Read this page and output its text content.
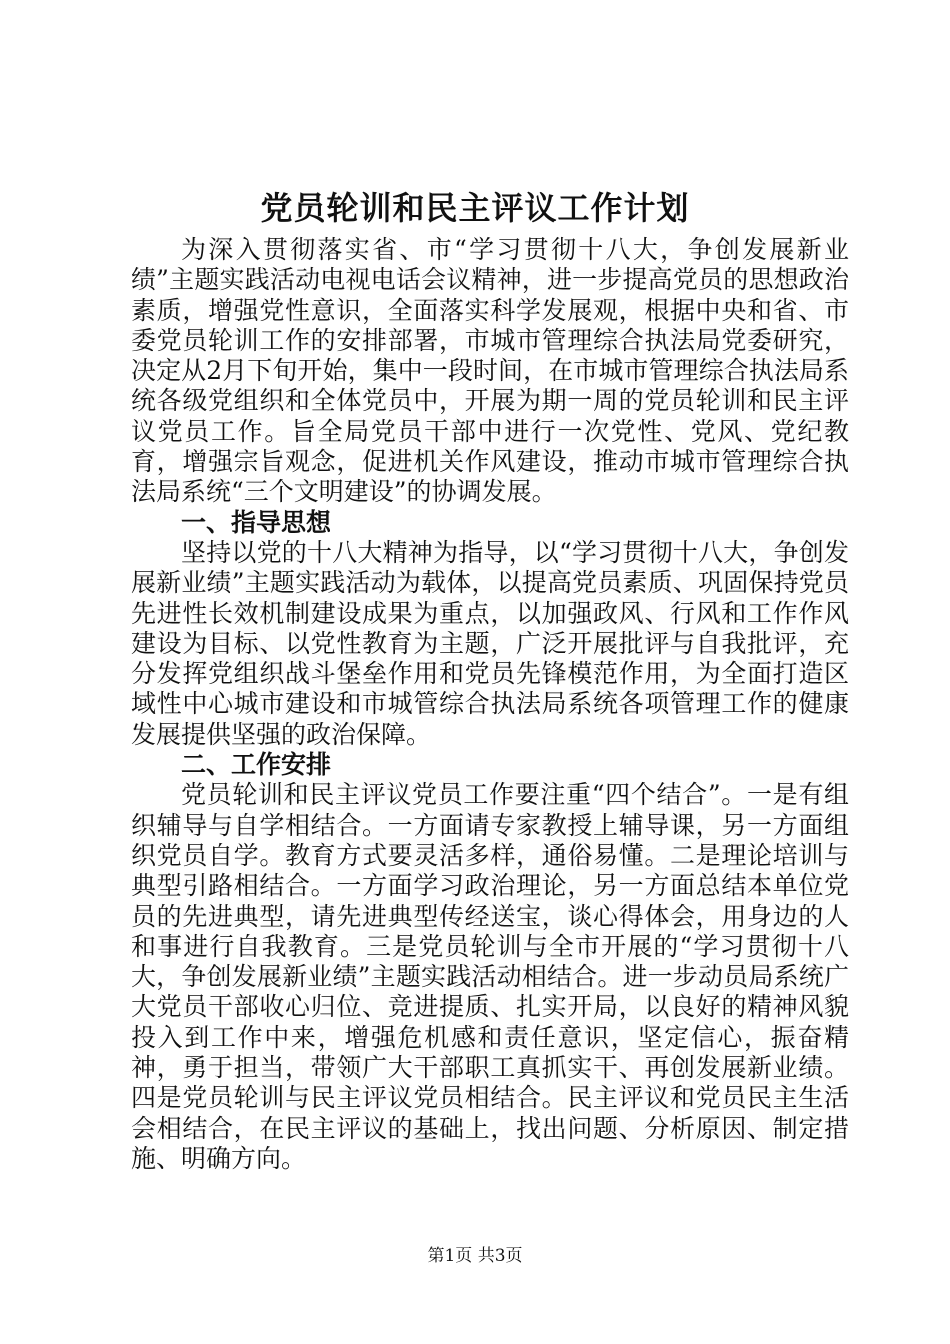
党员轮训和民主评议工作计划

为深入贯彻落实省、市“学习贯彻十八大，争创发展新业绩”主题实践活动电视电话会议精神，进一步提高党员的思想政治素质，增强党性意识，全面落实科学发展观，根据中央和省、市委党员轮训工作的安排部署，市城市管理综合执法局党委研究，决定从2月下旬开始，集中一段时间，在市城市管理综合执法局系统各级党组织和全体党员中，开展为期一周的党员轮训和民主评议党员工作。旨全局党员干部中进行一次党性、党风、党纪教育，增强宗旨观念，促进机关作风建设，推动市城市管理综合执法局系统“三个文明建设”的协调发展。

一、指导思想

坚持以党的十八大精神为指导，以“学习贯彻十八大，争创发展新业绩”主题实践活动为载体，以提高党员素质、巩固保持党员先进性长效机制建设成果为重点，以加强政风、行风和工作作风建设为目标、以党性教育为主题，广泛开展批评与自我批评，充分发挥党组织战斗堡垒作用和党员先锋模范作用，为全面打造区域性中心城市建设和市城管综合执法局系统各项管理工作的健康发展提供坚强的政治保障。

二、工作安排

党员轮训和民主评议党员工作要注重“四个结合”。一是有组织辅导与自学相结合。一方面请专家教授上辅导课，另一方面组织党员自学。教育方式要灵活多样，通俗易懂。二是理论培训与典型引路相结合。一方面学习政治理论，另一方面总结本单位党员的先进典型，请先进典型传经送宝，谈心得体会，用身边的人和事进行自我教育。三是党员轮训与全市开展的“学习贯彻十八大，争创发展新业绩”主题实践活动相结合。进一步动员局系统广大党员干部收心归位、竞进提质、扎实开局，以良好的精神风貌投入到工作中来，增强危机感和责任意识，坚定信心，振奋精神，勇于担当，带领广大干部职工真抓实干、再创发展新业绩。四是党员轮训与民主评议党员相结合。民主评议和党员民主生活会相结合，在民主评议的基础上，找出问题、分析原因、制定措施、明确方向。

第1页 共3页
